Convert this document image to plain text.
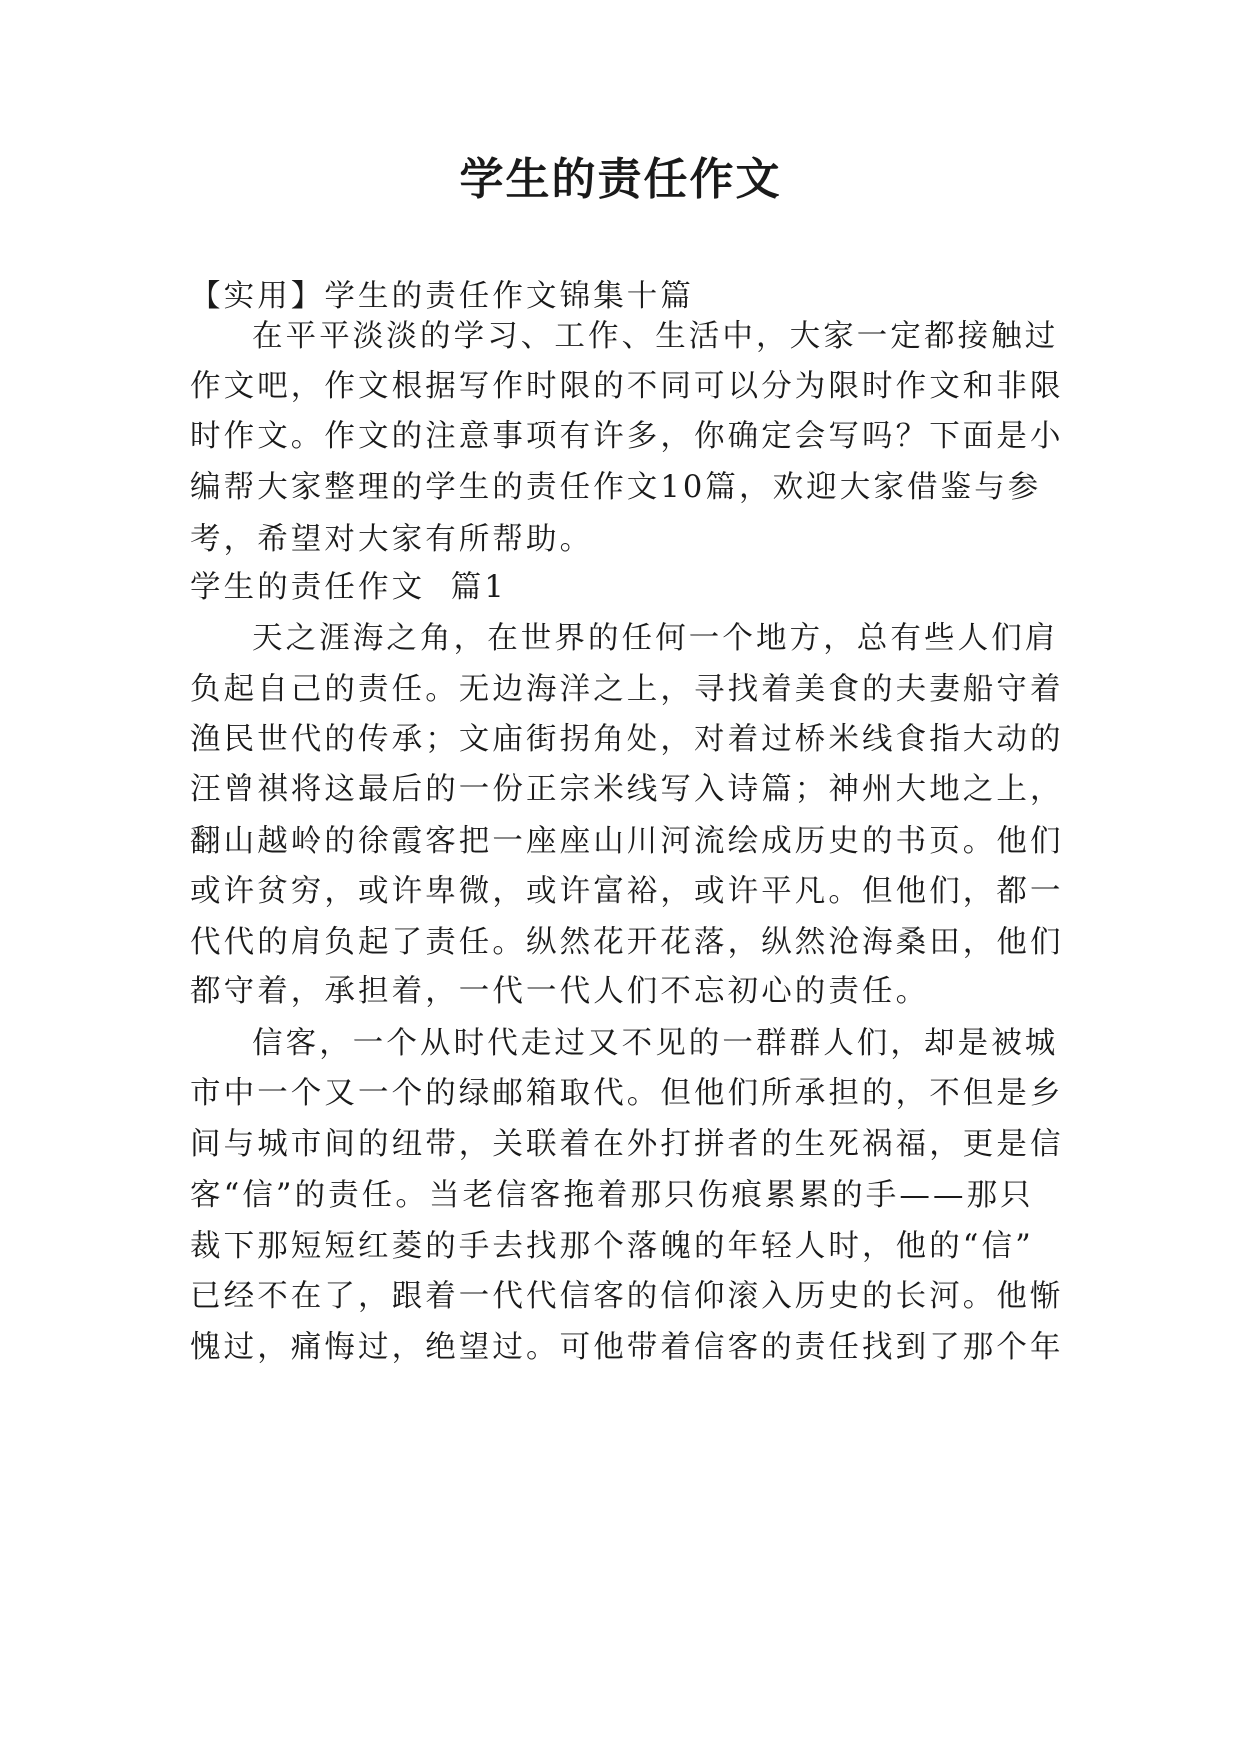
学生的责任作文
【实用】学生的责任作文锦集十篇
在平平淡淡的学习、工作、生活中，大家一定都接触过
作文吧，作文根据写作时限的不同可以分为限时作文和非限
时作文。作文的注意事项有许多，你确定会写吗？下面是小
编帮大家整理的学生的责任作文10篇，欢迎大家借鉴与参
考，希望对大家有所帮助。
学生的责任作文  篇1
天之涯海之角，在世界的任何一个地方，总有些人们肩
负起自己的责任。无边海洋之上，寻找着美食的夫妻船守着
渔民世代的传承；文庙街拐角处，对着过桥米线食指大动的
汪曾祺将这最后的一份正宗米线写入诗篇；神州大地之上，
翻山越岭的徐霞客把一座座山川河流绘成历史的书页。他们
或许贫穷，或许卑微，或许富裕，或许平凡。但他们，都一
代代的肩负起了责任。纵然花开花落，纵然沧海桑田，他们
都守着，承担着，一代一代人们不忘初心的责任。
信客，一个从时代走过又不见的一群群人们，却是被城
市中一个又一个的绿邮箱取代。但他们所承担的，不但是乡
间与城市间的纽带，关联着在外打拼者的生死祸福，更是信
客“信”的责任。当老信客拖着那只伤痕累累的手——那只
裁下那短短红菱的手去找那个落魄的年轻人时，他的“信”
已经不在了，跟着一代代信客的信仰滚入历史的长河。他惭
愧过，痛悔过，绝望过。可他带着信客的责任找到了那个年
